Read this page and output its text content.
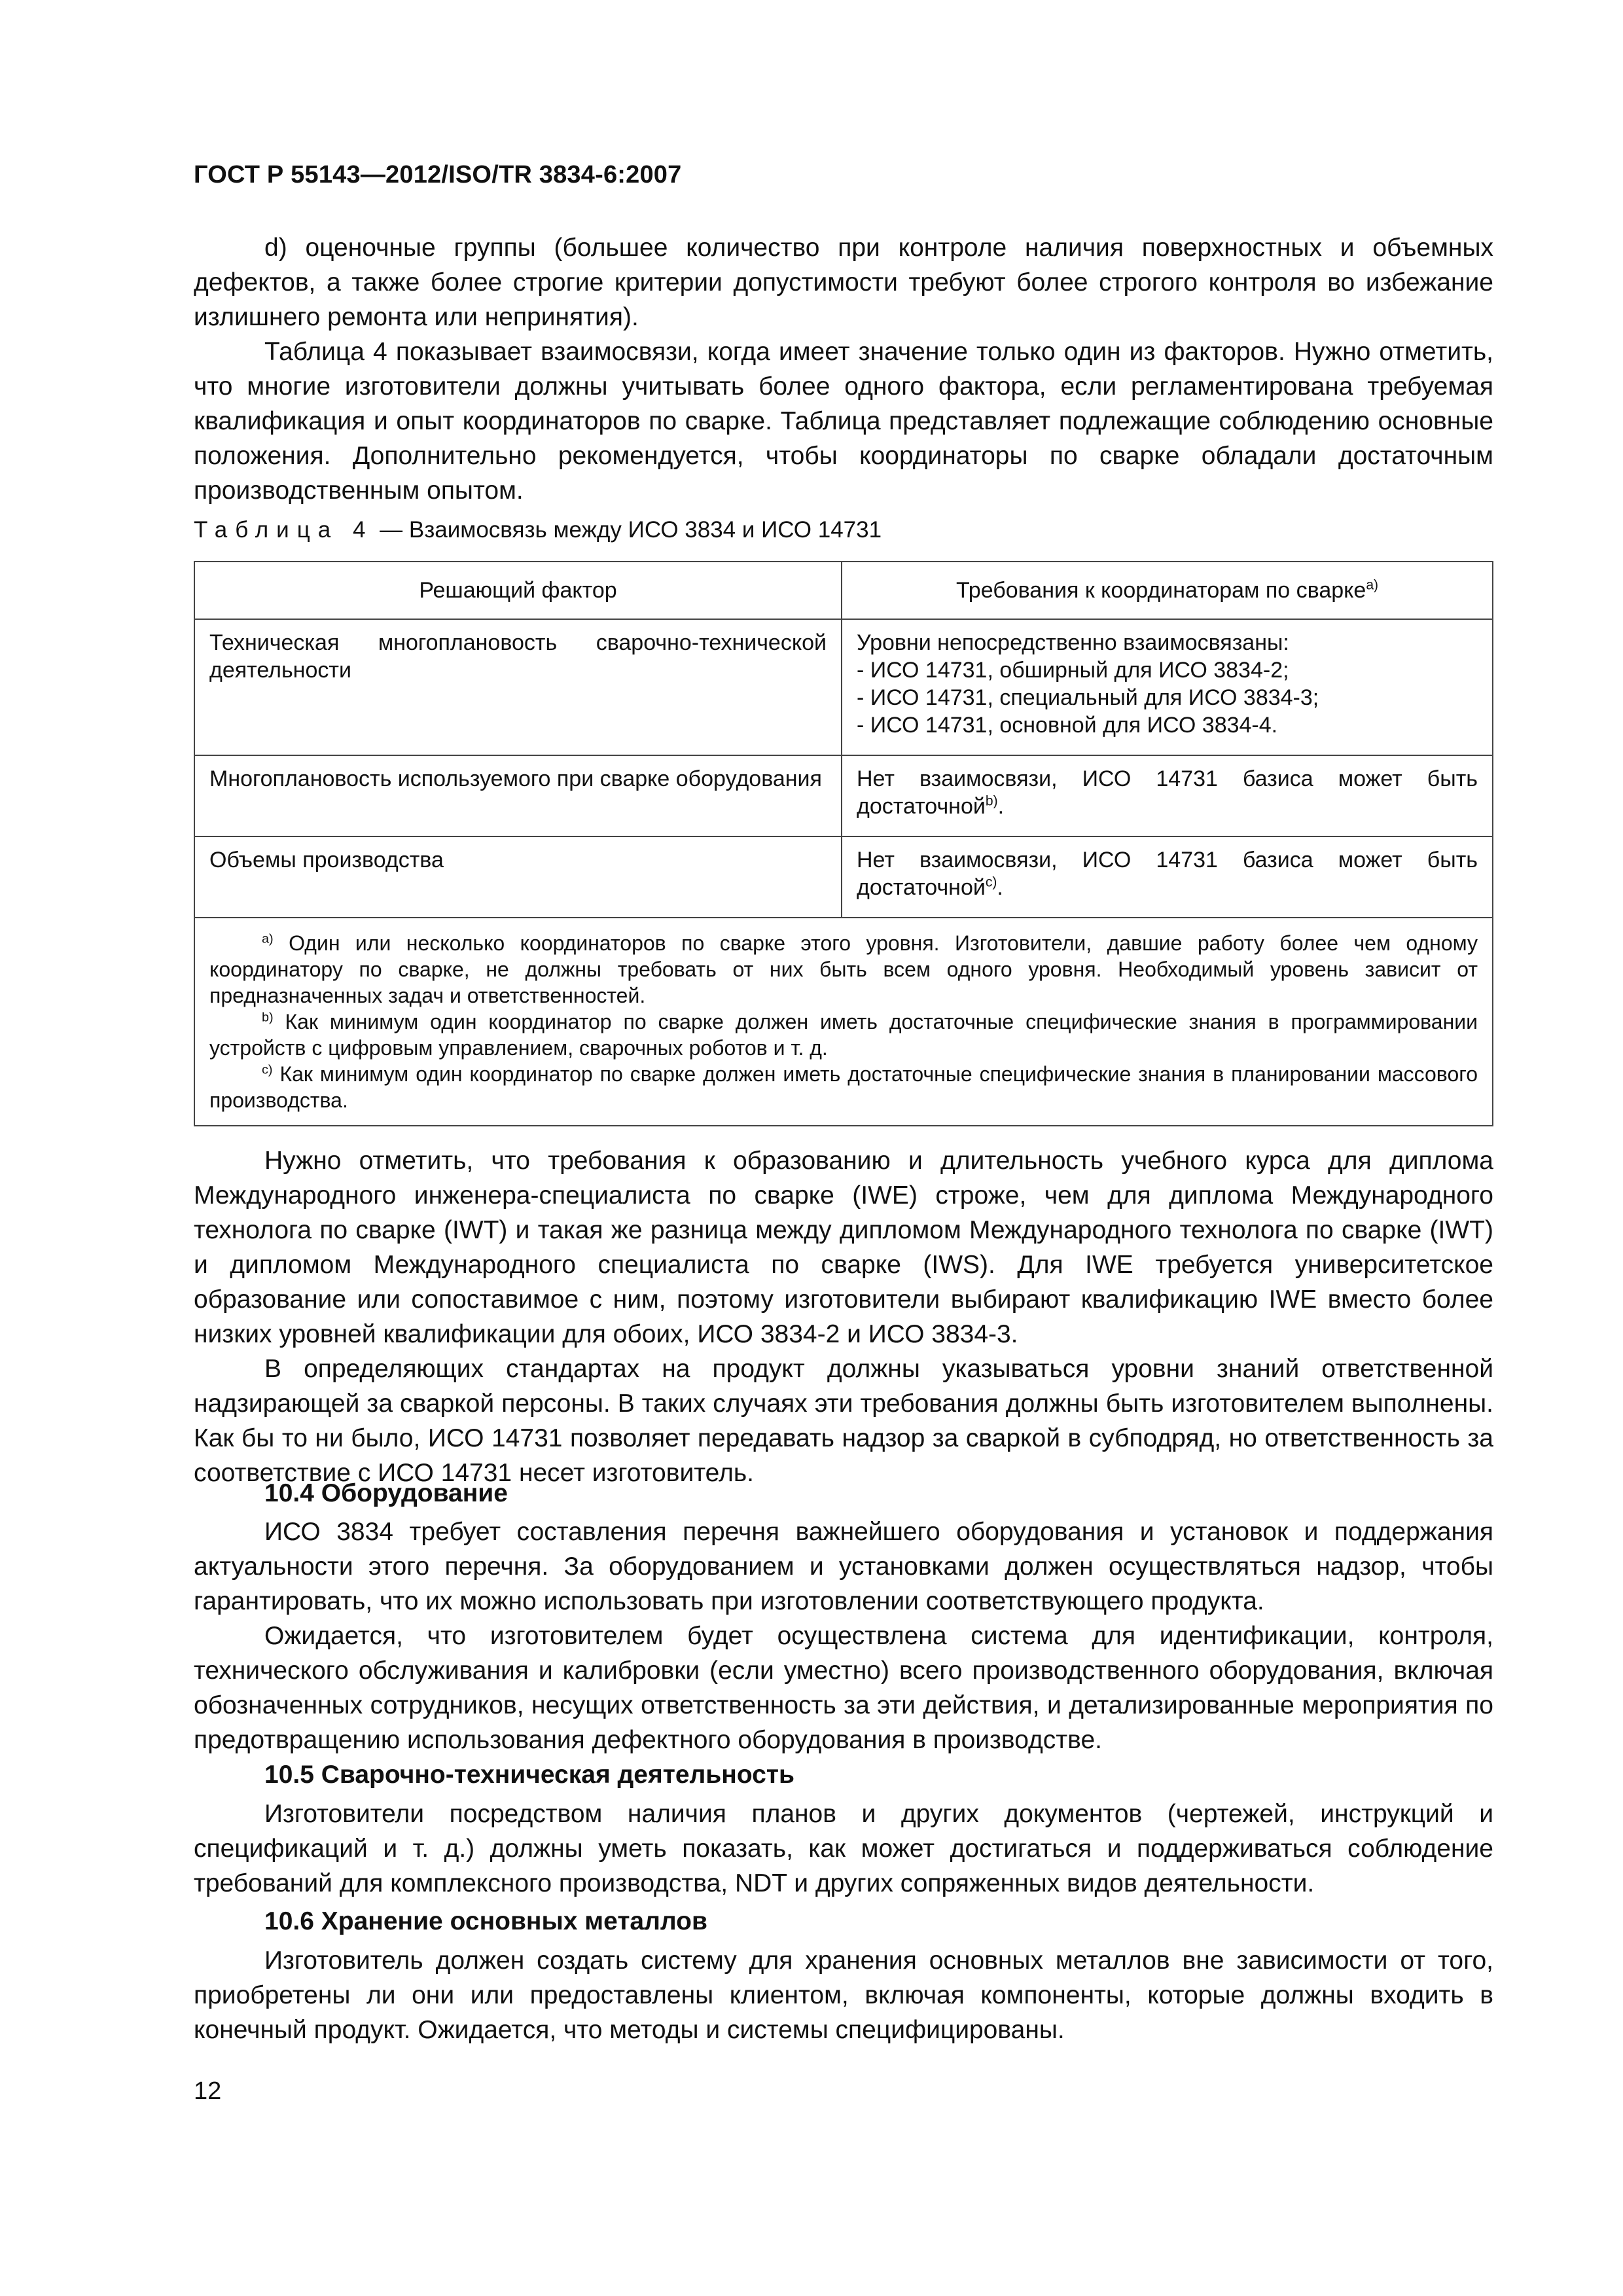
ГОСТ Р 55143—2012/ISO/TR 3834-6:2007

d) оценочные группы (большее количество при контроле наличия поверхностных и объемных дефектов, а также более строгие критерии допустимости требуют более строгого контроля во избежание излишнего ремонта или непринятия).

Таблица 4 показывает взаимосвязи, когда имеет значение только один из факторов. Нужно отметить, что многие изготовители должны учитывать более одного фактора, если регламентирована требуемая квалификация и опыт координаторов по сварке. Таблица представляет подлежащие соблюдению основные положения. Дополнительно рекомендуется, чтобы координаторы по сварке обладали достаточным производственным опытом.

Таблица 4 — Взаимосвязь между ИСО 3834 и ИСО 14731
Решающий фактор	Требования к координаторам по сварке$^{a)}$
Техническая многоплановость сварочно-технической деятельности	Уровни непосредственно взаимосвязаны:
- ИСО 14731, обширный для ИСО 3834-2;
- ИСО 14731, специальный для ИСО 3834-3;
- ИСО 14731, основной для ИСО 3834-4.

Многоплановость используемого при сварке оборудования	Нет взаимосвязи, ИСО 14731 базиса может быть достаточной$^{b)}$.
Объемы производства	Нет взаимосвязи, ИСО 14731 базиса может быть достаточной$^{c)}$.

$^{a)}$ Один или несколько координаторов по сварке этого уровня. Изготовители, давшие работу более чем одному координатору по сварке, не должны требовать от них быть всем одного уровня. Необходимый уровень зависит от предназначенных задач и ответственностей.

$^{b)}$ Как минимум один координатор по сварке должен иметь достаточные специфические знания в программировании устройств с цифровым управлением, сварочных роботов и т. д.

$^{c)}$ Как минимум один координатор по сварке должен иметь достаточные специфические знания в планировании массового производства.	

Нужно отметить, что требования к образованию и длительность учебного курса для диплома Международного инженера-специалиста по сварке (IWE) строже, чем для диплома Международного технолога по сварке (IWT) и такая же разница между дипломом Международного технолога по сварке (IWT) и дипломом Международного специалиста по сварке (IWS). Для IWE требуется университетское образование или сопоставимое с ним, поэтому изготовители выбирают квалификацию IWE вместо более низких уровней квалификации для обоих, ИСО 3834-2 и ИСО 3834-3.

В определяющих стандартах на продукт должны указываться уровни знаний ответственной надзирающей за сваркой персоны. В таких случаях эти требования должны быть изготовителем выполнены. Как бы то ни было, ИСО 14731 позволяет передавать надзор за сваркой в субподряд, но ответственность за соответствие с ИСО 14731 несет изготовитель.

10.4 Оборудование

ИСО 3834 требует составления перечня важнейшего оборудования и установок и поддержания актуальности этого перечня. За оборудованием и установками должен осуществляться надзор, чтобы гарантировать, что их можно использовать при изготовлении соответствующего продукта.

Ожидается, что изготовителем будет осуществлена система для идентификации, контроля, технического обслуживания и калибровки (если уместно) всего производственного оборудования, включая обозначенных сотрудников, несущих ответственность за эти действия, и детализированные мероприятия по предотвращению использования дефектного оборудования в производстве.

10.5 Сварочно-техническая деятельность

Изготовители посредством наличия планов и других документов (чертежей, инструкций и спецификаций и т. д.) должны уметь показать, как может достигаться и поддерживаться соблюдение требований для комплексного производства, NDT и других сопряженных видов деятельности.

10.6 Хранение основных металлов

Изготовитель должен создать систему для хранения основных металлов вне зависимости от того, приобретены ли они или предоставлены клиентом, включая компоненты, которые должны входить в конечный продукт. Ожидается, что методы и системы специфицированы.

12
